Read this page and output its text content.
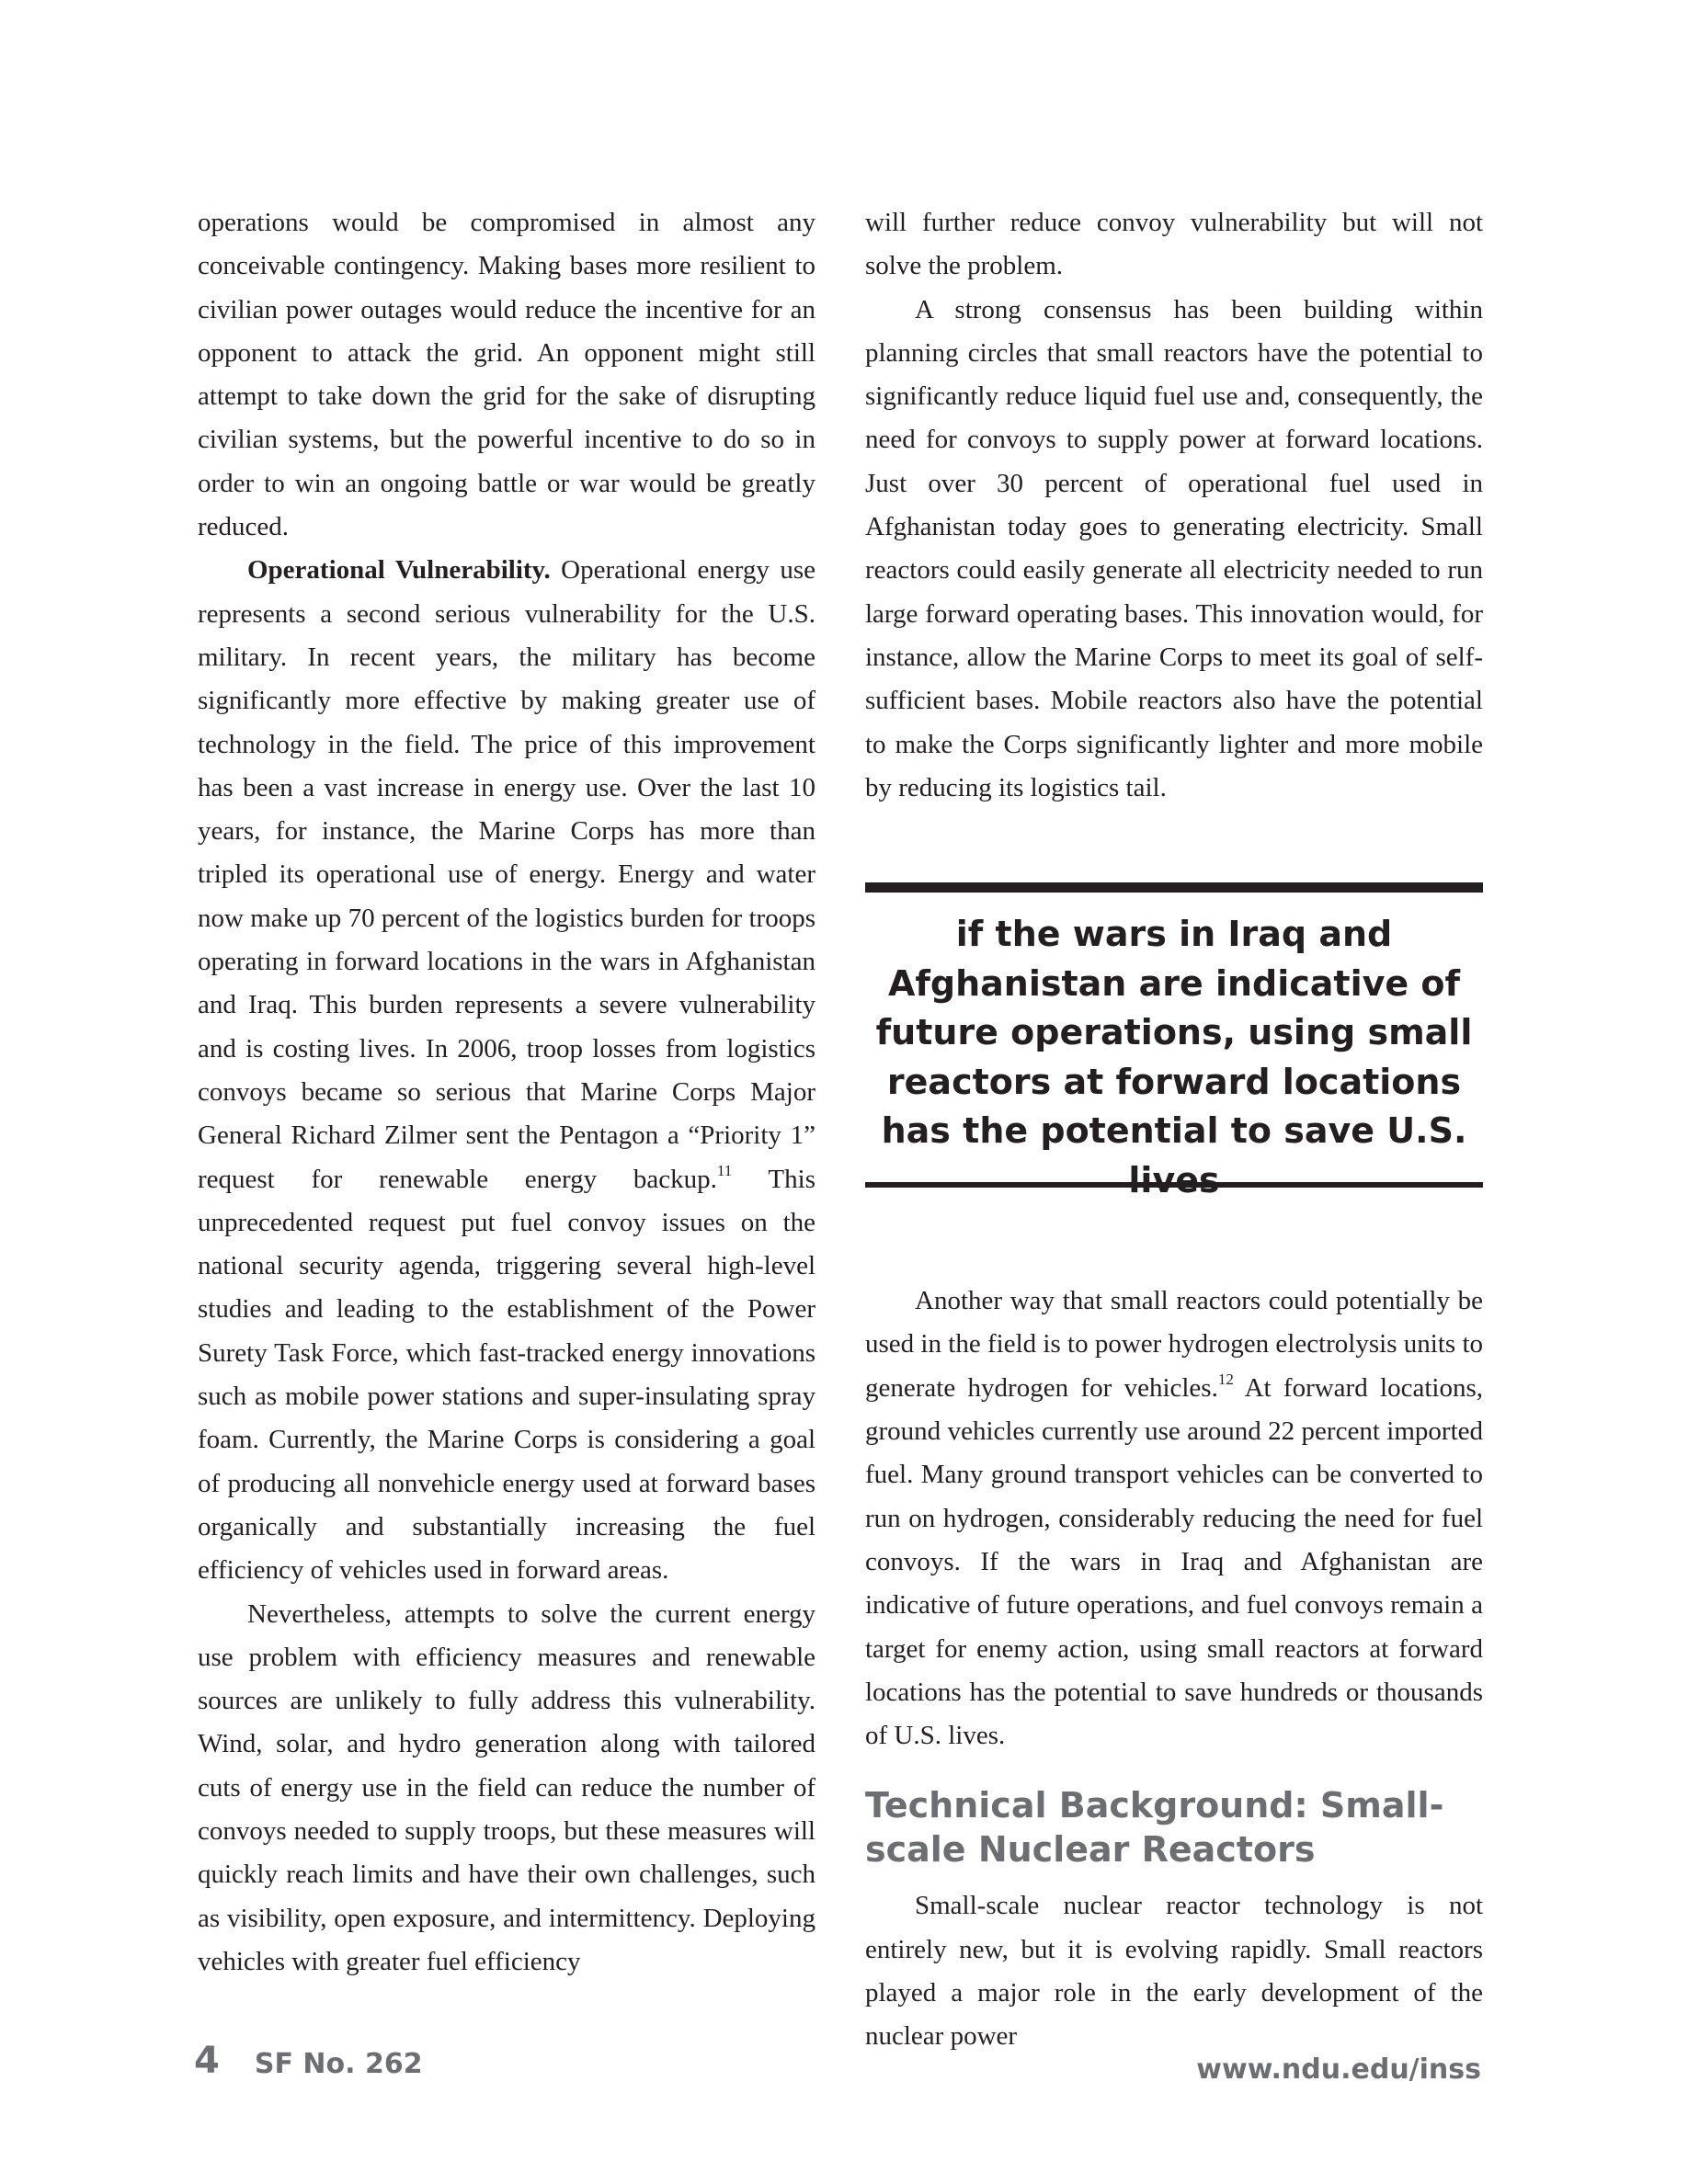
operations would be compromised in almost any conceivable contingency. Making bases more resilient to civilian power outages would reduce the incentive for an opponent to attack the grid. An opponent might still attempt to take down the grid for the sake of disrupting civilian systems, but the powerful incentive to do so in order to win an ongoing battle or war would be greatly reduced.

Operational Vulnerability. Operational energy use represents a second serious vulnerability for the U.S. military. In recent years, the military has become significantly more effective by making greater use of technology in the field. The price of this improvement has been a vast increase in energy use. Over the last 10 years, for instance, the Marine Corps has more than tripled its operational use of energy. Energy and water now make up 70 percent of the logistics burden for troops operating in forward locations in the wars in Afghanistan and Iraq. This burden represents a severe vulnerability and is costing lives. In 2006, troop losses from logistics convoys became so serious that Marine Corps Major General Richard Zilmer sent the Pentagon a “Priority 1” request for renewable energy backup.$^{11}$ This unprecedented request put fuel convoy issues on the national security agenda, triggering several high-level studies and leading to the establishment of the Power Surety Task Force, which fast-tracked energy innovations such as mobile power stations and super-insulating spray foam. Currently, the Marine Corps is considering a goal of producing all nonvehicle energy used at forward bases organically and substantially increasing the fuel efficiency of vehicles used in forward areas.

Nevertheless, attempts to solve the current energy use problem with efficiency measures and renewable sources are unlikely to fully address this vulnerability. Wind, solar, and hydro generation along with tailored cuts of energy use in the field can reduce the number of convoys needed to supply troops, but these measures will quickly reach limits and have their own challenges, such as visibility, open exposure, and intermittency. Deploying vehicles with greater fuel efficiency

will further reduce convoy vulnerability but will not solve the problem.

A strong consensus has been building within planning circles that small reactors have the potential to significantly reduce liquid fuel use and, consequently, the need for convoys to supply power at forward locations. Just over 30 percent of operational fuel used in Afghanistan today goes to generating electricity. Small reactors could easily generate all electricity needed to run large forward operating bases. This innovation would, for instance, allow the Marine Corps to meet its goal of self-sufficient bases. Mobile reactors also have the potential to make the Corps significantly lighter and more mobile by reducing its logistics tail.

if the wars in Iraq and Afghanistan are indicative of future operations, using small reactors at forward locations has the potential to save U.S. lives

Another way that small reactors could potentially be used in the field is to power hydrogen electrolysis units to generate hydrogen for vehicles.$^{12}$ At forward locations, ground vehicles currently use around 22 percent imported fuel. Many ground transport vehicles can be converted to run on hydrogen, considerably reducing the need for fuel convoys. If the wars in Iraq and Afghanistan are indicative of future operations, and fuel convoys remain a target for enemy action, using small reactors at forward locations has the potential to save hundreds or thousands of U.S. lives.

Technical Background: Small-scale Nuclear Reactors

Small-scale nuclear reactor technology is not entirely new, but it is evolving rapidly. Small reactors played a major role in the early development of the nuclear power

4 SF No. 262	www.ndu.edu/inss
